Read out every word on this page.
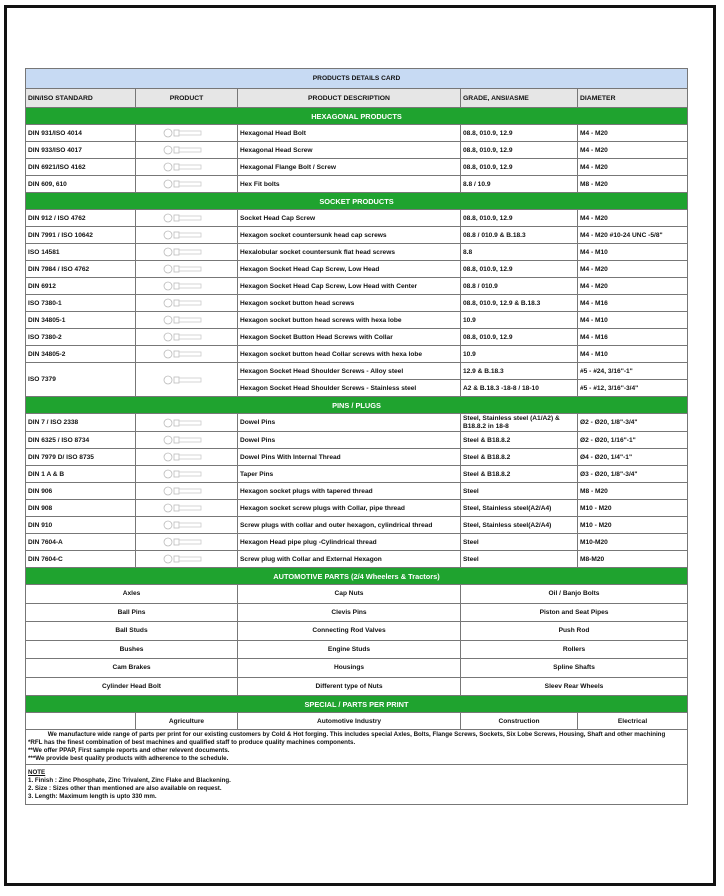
PRODUCTS DETAILS CARD				
DIN/ISO STANDARD	PRODUCT	PRODUCT DESCRIPTION	GRADE, ANSI/ASME	DIAMETER
HEXAGONAL PRODUCTS				
DIN 931/ISO 4014		Hexagonal Head Bolt	08.8, 010.9, 12.9	M4 - M20
DIN 933/ISO 4017		Hexagonal Head Screw	08.8, 010.9, 12.9	M4 - M20
DIN 6921/ISO 4162		Hexagonal Flange Bolt / Screw	08.8, 010.9, 12.9	M4 - M20
DIN 609, 610		Hex Fit bolts	8.8 / 10.9	M8 - M20
SOCKET PRODUCTS				
DIN 912 / ISO 4762		Socket Head Cap Screw	08.8, 010.9, 12.9	M4 - M20
DIN 7991 / ISO 10642		Hexagon socket countersunk head cap screws	08.8 / 010.9 & B.18.3	M4 - M20 #10-24 UNC -5/8"
ISO 14581		Hexalobular socket countersunk flat head screws	8.8	M4 - M10
DIN 7984 / ISO 4762		Hexagon Socket Head Cap Screw, Low Head	08.8, 010.9, 12.9	M4 - M20
DIN 6912		Hexagon Socket Head Cap Screw, Low Head with Center	08.8 / 010.9	M4 - M20
ISO 7380-1		Hexagon socket button head screws	08.8, 010.9, 12.9 & B.18.3	M4 - M16
DIN 34805-1		Hexagon socket button head screws with hexa lobe	10.9	M4 - M10
ISO 7380-2		Hexagon Socket Button Head Screws with Collar	08.8, 010.9, 12.9	M4 - M16
DIN 34805-2		Hexagon socket button head Collar screws with hexa lobe	10.9	M4 - M10
ISO 7379		Hexagon Socket Head Shoulder Screws - Alloy steel	12.9 & B.18.3	#5 - #24, 3/16"-1"
		Hexagon Socket Head Shoulder Screws - Stainless steel	A2 & B.18.3 -18-8 / 18-10	#5 - #12, 3/16"-3/4"
PINS / PLUGS				
DIN 7 / ISO 2338		Dowel Pins	Steel, Stainless steel (A1/A2) & B18.8.2 in 18-8	Ø2 - Ø20, 1/8"-3/4"
DIN 6325 / ISO 8734		Dowel Pins	Steel & B18.8.2	Ø2 - Ø20, 1/16"-1"
DIN 7979 D/ ISO 8735		Dowel Pins With Internal Thread	Steel & B18.8.2	Ø4 - Ø20, 1/4"-1"
DIN 1 A & B		Taper Pins	Steel & B18.8.2	Ø3 - Ø20, 1/8"-3/4"
DIN 906		Hexagon socket plugs with tapered thread	Steel	M8 - M20
DIN 908		Hexagon socket screw plugs with Collar, pipe thread	Steel, Stainless steel(A2/A4)	M10 - M20
DIN 910		Screw plugs with collar and outer hexagon, cylindrical thread	Steel, Stainless steel(A2/A4)	M10 - M20
DIN 7604-A		Hexagon Head pipe plug -Cylindrical thread	Steel	M10-M20
DIN 7604-C		Screw plug with Collar and External Hexagon	Steel	M8-M20
AUTOMOTIVE PARTS (2/4 Wheelers & Tractors)				
Axles		Cap Nuts	Oil / Banjo Bolts	
Ball Pins		Clevis Pins	Piston and Seat Pipes	
Ball Studs		Connecting Rod Valves	Push Rod	
Bushes		Engine Studs	Rollers	
Cam Brakes		Housings	Spline Shafts	
Cylinder Head Bolt		Different type of Nuts	Sleev Rear Wheels	
SPECIAL / PARTS PER PRINT				
	Agriculture	Automotive Industry	Construction	Electrical

We manufacture wide range of parts per print for our existing customers by Cold & Hot forging. This includes special Axles, Bolts, Flange Screws, Sockets, Six Lobe Screws, Housing, Shaft and other machining
*RFL has the finest combination of best machines and qualified staff to produce quality machines components.
**We offer PPAP, First sample reports and other relevent documents.
***We provide best quality products with adherence to the schedule.				

NOTE
1. Finish : Zinc Phosphate, Zinc Trivalent, Zinc Flake and Blackening.
2. Size : Sizes other than mentioned are also available on request.
3. Length: Maximum length is upto 330 mm.				
